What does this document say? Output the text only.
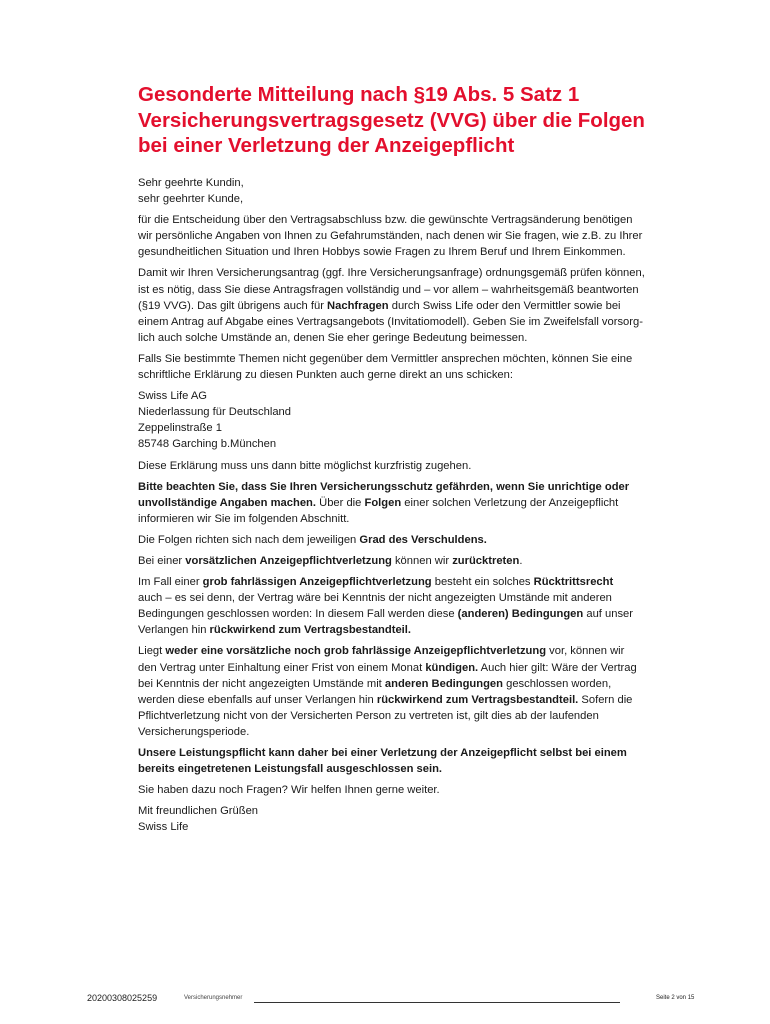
Gesonderte Mitteilung nach §19 Abs. 5 Satz 1
Versicherungsvertragsgesetz (VVG) über die Folgen
bei einer Verletzung der Anzeigepflicht

Sehr geehrte Kundin,
sehr geehrter Kunde,

für die Entscheidung über den Vertragsabschluss bzw. die gewünschte Vertragsänderung benötigen
wir persönliche Angaben von Ihnen zu Gefahrumständen, nach denen wir Sie fragen, wie z.B. zu Ihrer
gesundheitlichen Situation und Ihren Hobbys sowie Fragen zu Ihrem Beruf und Ihrem Einkommen.

Damit wir Ihren Versicherungsantrag (ggf. Ihre Versicherungsanfrage) ordnungsgemäß prüfen können,
ist es nötig, dass Sie diese Antragsfragen vollständig und – vor allem – wahrheitsgemäß beantworten
(§19 VVG). Das gilt übrigens auch für Nachfragen durch Swiss Life oder den Vermittler sowie bei
einem Antrag auf Abgabe eines Vertragsangebots (Invitatiomodell). Geben Sie im Zweifelsfall vorsorg-
lich auch solche Umstände an, denen Sie eher geringe Bedeutung beimessen.

Falls Sie bestimmte Themen nicht gegenüber dem Vermittler ansprechen möchten, können Sie eine
schriftliche Erklärung zu diesen Punkten auch gerne direkt an uns schicken:

Swiss Life AG
Niederlassung für Deutschland
Zeppelinstraße 1
85748 Garching b.München

Diese Erklärung muss uns dann bitte möglichst kurzfristig zugehen.

Bitte beachten Sie, dass Sie Ihren Versicherungsschutz gefährden, wenn Sie unrichtige oder
unvollständige Angaben machen. Über die Folgen einer solchen Verletzung der Anzeigepflicht
informieren wir Sie im folgenden Abschnitt.

Die Folgen richten sich nach dem jeweiligen Grad des Verschuldens.

Bei einer vorsätzlichen Anzeigepflichtverletzung können wir zurücktreten.

Im Fall einer grob fahrlässigen Anzeigepflichtverletzung besteht ein solches Rücktrittsrecht
auch – es sei denn, der Vertrag wäre bei Kenntnis der nicht angezeigten Umstände mit anderen
Bedingungen geschlossen worden: In diesem Fall werden diese (anderen) Bedingungen auf unser
Verlangen hin rückwirkend zum Vertragsbestandteil.

Liegt weder eine vorsätzliche noch grob fahrlässige Anzeigepflichtverletzung vor, können wir
den Vertrag unter Einhaltung einer Frist von einem Monat kündigen. Auch hier gilt: Wäre der Vertrag
bei Kenntnis der nicht angezeigten Umstände mit anderen Bedingungen geschlossen worden,
werden diese ebenfalls auf unser Verlangen hin rückwirkend zum Vertragsbestandteil. Sofern die
Pflichtverletzung nicht von der Versicherten Person zu vertreten ist, gilt dies ab der laufenden
Versicherungsperiode.

Unsere Leistungspflicht kann daher bei einer Verletzung der Anzeigepflicht selbst bei einem
bereits eingetretenen Leistungsfall ausgeschlossen sein.

Sie haben dazu noch Fragen? Wir helfen Ihnen gerne weiter.

Mit freundlichen Grüßen
Swiss Life

20200308025259	Versicherungsnehmer	Seite 2 von 15
